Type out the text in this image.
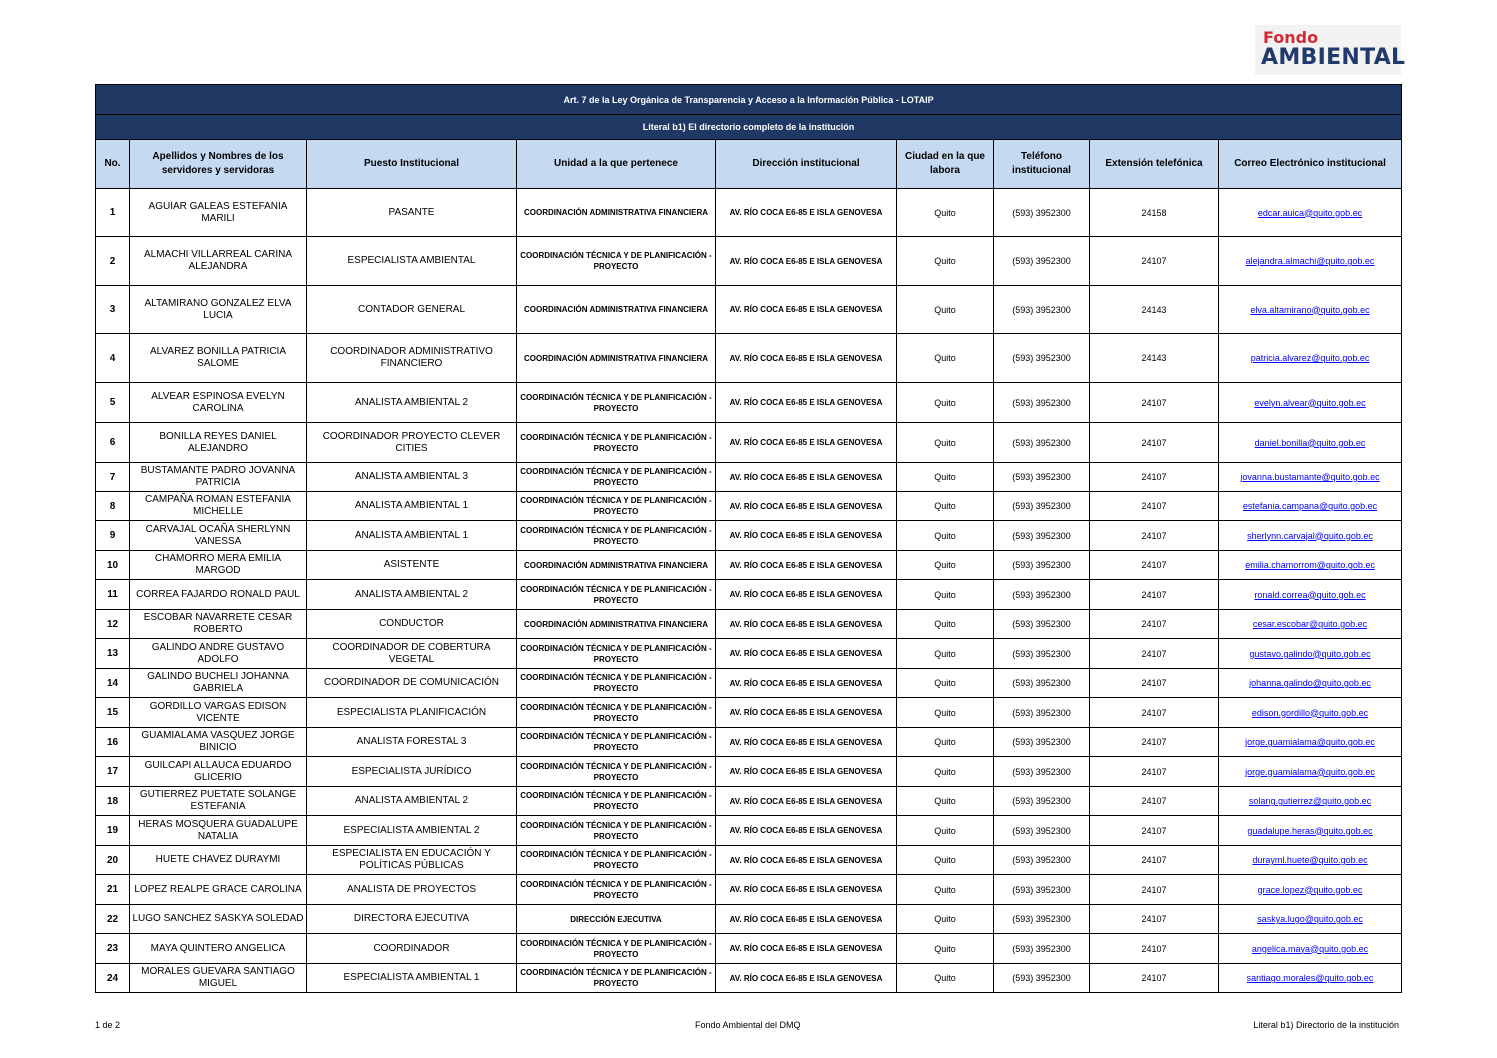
Fondo
AMBIENTAL
Art. 7 de la Ley Orgánica de Transparencia y Acceso a la Información Pública - LOTAIP								
Literal b1) El directorio completo de la institución								
No.	Apellidos y Nombres de los servidores y servidoras	Puesto Institucional	Unidad a la que pertenece	Dirección institucional	Ciudad en la que labora	Teléfono institucional	Extensión telefónica	Correo Electrónico institucional
1	AGUIAR GALEAS ESTEFANIA MARILI	PASANTE	COORDINACIÓN ADMINISTRATIVA FINANCIERA	AV. RÍO COCA E6-85 E ISLA GENOVESA	Quito	(593) 3952300	24158	edcar.auica@quito.gob.ec
2	ALMACHI VILLARREAL CARINA ALEJANDRA	ESPECIALISTA AMBIENTAL	COORDINACIÓN TÉCNICA Y DE PLANIFICACIÓN - PROYECTO	AV. RÍO COCA E6-85 E ISLA GENOVESA	Quito	(593) 3952300	24107	alejandra.almachi@quito.gob.ec
3	ALTAMIRANO GONZALEZ ELVA LUCIA	CONTADOR GENERAL	COORDINACIÓN ADMINISTRATIVA FINANCIERA	AV. RÍO COCA E6-85 E ISLA GENOVESA	Quito	(593) 3952300	24143	elva.altamirano@quito.gob.ec
4	ALVAREZ BONILLA PATRICIA SALOME	COORDINADOR ADMINISTRATIVO FINANCIERO	COORDINACIÓN ADMINISTRATIVA FINANCIERA	AV. RÍO COCA E6-85 E ISLA GENOVESA	Quito	(593) 3952300	24143	patricia.alvarez@quito.gob.ec
5	ALVEAR ESPINOSA EVELYN CAROLINA	ANALISTA AMBIENTAL 2	COORDINACIÓN TÉCNICA Y DE PLANIFICACIÓN - PROYECTO	AV. RÍO COCA E6-85 E ISLA GENOVESA	Quito	(593) 3952300	24107	evelyn.alvear@quito.gob.ec
6	BONILLA REYES DANIEL ALEJANDRO	COORDINADOR PROYECTO CLEVER CITIES	COORDINACIÓN TÉCNICA Y DE PLANIFICACIÓN - PROYECTO	AV. RÍO COCA E6-85 E ISLA GENOVESA	Quito	(593) 3952300	24107	daniel.bonilla@quito.gob.ec
7	BUSTAMANTE PADRO JOVANNA PATRICIA	ANALISTA AMBIENTAL 3	COORDINACIÓN TÉCNICA Y DE PLANIFICACIÓN - PROYECTO	AV. RÍO COCA E6-85 E ISLA GENOVESA	Quito	(593) 3952300	24107	jovanna.bustamante@quito.gob.ec
8	CAMPAÑA ROMAN ESTEFANIA MICHELLE	ANALISTA AMBIENTAL 1	COORDINACIÓN TÉCNICA Y DE PLANIFICACIÓN - PROYECTO	AV. RÍO COCA E6-85 E ISLA GENOVESA	Quito	(593) 3952300	24107	estefania.campana@quito.gob.ec
9	CARVAJAL OCAÑA SHERLYNN VANESSA	ANALISTA AMBIENTAL 1	COORDINACIÓN TÉCNICA Y DE PLANIFICACIÓN - PROYECTO	AV. RÍO COCA E6-85 E ISLA GENOVESA	Quito	(593) 3952300	24107	sherlynn.carvajal@quito.gob.ec
10	CHAMORRO MERA EMILIA MARGOD	ASISTENTE	COORDINACIÓN ADMINISTRATIVA FINANCIERA	AV. RÍO COCA E6-85 E ISLA GENOVESA	Quito	(593) 3952300	24107	emilia.chamorrom@quito.gob.ec
11	CORREA FAJARDO RONALD PAUL	ANALISTA AMBIENTAL 2	COORDINACIÓN TÉCNICA Y DE PLANIFICACIÓN - PROYECTO	AV. RÍO COCA E6-85 E ISLA GENOVESA	Quito	(593) 3952300	24107	ronald.correa@quito.gob.ec
12	ESCOBAR NAVARRETE CESAR ROBERTO	CONDUCTOR	COORDINACIÓN ADMINISTRATIVA FINANCIERA	AV. RÍO COCA E6-85 E ISLA GENOVESA	Quito	(593) 3952300	24107	cesar.escobar@quito.gob.ec
13	GALINDO ANDRE GUSTAVO ADOLFO	COORDINADOR DE COBERTURA VEGETAL	COORDINACIÓN TÉCNICA Y DE PLANIFICACIÓN - PROYECTO	AV. RÍO COCA E6-85 E ISLA GENOVESA	Quito	(593) 3952300	24107	gustavo.galindo@quito.gob.ec
14	GALINDO BUCHELI JOHANNA GABRIELA	COORDINADOR DE COMUNICACIÓN	COORDINACIÓN TÉCNICA Y DE PLANIFICACIÓN - PROYECTO	AV. RÍO COCA E6-85 E ISLA GENOVESA	Quito	(593) 3952300	24107	johanna.galindo@quito.gob.ec
15	GORDILLO VARGAS EDISON VICENTE	ESPECIALISTA PLANIFICACIÓN	COORDINACIÓN TÉCNICA Y DE PLANIFICACIÓN - PROYECTO	AV. RÍO COCA E6-85 E ISLA GENOVESA	Quito	(593) 3952300	24107	edison.gordillo@quito.gob.ec
16	GUAMIALAMA VASQUEZ JORGE BINICIO	ANALISTA FORESTAL 3	COORDINACIÓN TÉCNICA Y DE PLANIFICACIÓN - PROYECTO	AV. RÍO COCA E6-85 E ISLA GENOVESA	Quito	(593) 3952300	24107	jorge.guamialama@quito.gob.ec
17	GUILCAPI ALLAUCA EDUARDO GLICERIO	ESPECIALISTA JURÍDICO	COORDINACIÓN TÉCNICA Y DE PLANIFICACIÓN - PROYECTO	AV. RÍO COCA E6-85 E ISLA GENOVESA	Quito	(593) 3952300	24107	jorge.guamialama@quito.gob.ec
18	GUTIERREZ PUETATE SOLANGE ESTEFANIA	ANALISTA AMBIENTAL 2	COORDINACIÓN TÉCNICA Y DE PLANIFICACIÓN - PROYECTO	AV. RÍO COCA E6-85 E ISLA GENOVESA	Quito	(593) 3952300	24107	solang.gutierrez@quito.gob.ec
19	HERAS MOSQUERA GUADALUPE NATALIA	ESPECIALISTA AMBIENTAL 2	COORDINACIÓN TÉCNICA Y DE PLANIFICACIÓN - PROYECTO	AV. RÍO COCA E6-85 E ISLA GENOVESA	Quito	(593) 3952300	24107	guadalupe.heras@quito.gob.ec
20	HUETE CHAVEZ DURAYMI	ESPECIALISTA EN EDUCACIÓN Y POLÍTICAS PÚBLICAS	COORDINACIÓN TÉCNICA Y DE PLANIFICACIÓN - PROYECTO	AV. RÍO COCA E6-85 E ISLA GENOVESA	Quito	(593) 3952300	24107	durayml.huete@quito.gob.ec
21	LOPEZ REALPE GRACE CAROLINA	ANALISTA DE PROYECTOS	COORDINACIÓN TÉCNICA Y DE PLANIFICACIÓN - PROYECTO	AV. RÍO COCA E6-85 E ISLA GENOVESA	Quito	(593) 3952300	24107	grace.lopez@quito.gob.ec
22	LUGO SANCHEZ SASKYA SOLEDAD	DIRECTORA EJECUTIVA	DIRECCIÓN EJECUTIVA	AV. RÍO COCA E6-85 E ISLA GENOVESA	Quito	(593) 3952300	24107	saskya.lugo@quito.gob.ec
23	MAYA QUINTERO ANGELICA	COORDINADOR	COORDINACIÓN TÉCNICA Y DE PLANIFICACIÓN - PROYECTO	AV. RÍO COCA E6-85 E ISLA GENOVESA	Quito	(593) 3952300	24107	angelica.maya@quito.gob.ec
24	MORALES GUEVARA SANTIAGO MIGUEL	ESPECIALISTA AMBIENTAL 1	COORDINACIÓN TÉCNICA Y DE PLANIFICACIÓN - PROYECTO	AV. RÍO COCA E6-85 E ISLA GENOVESA	Quito	(593) 3952300	24107	santiago.morales@quito.gob.ec
1 de 2	Fondo Ambiental del DMQ	Literal b1) Directorio de la institución
